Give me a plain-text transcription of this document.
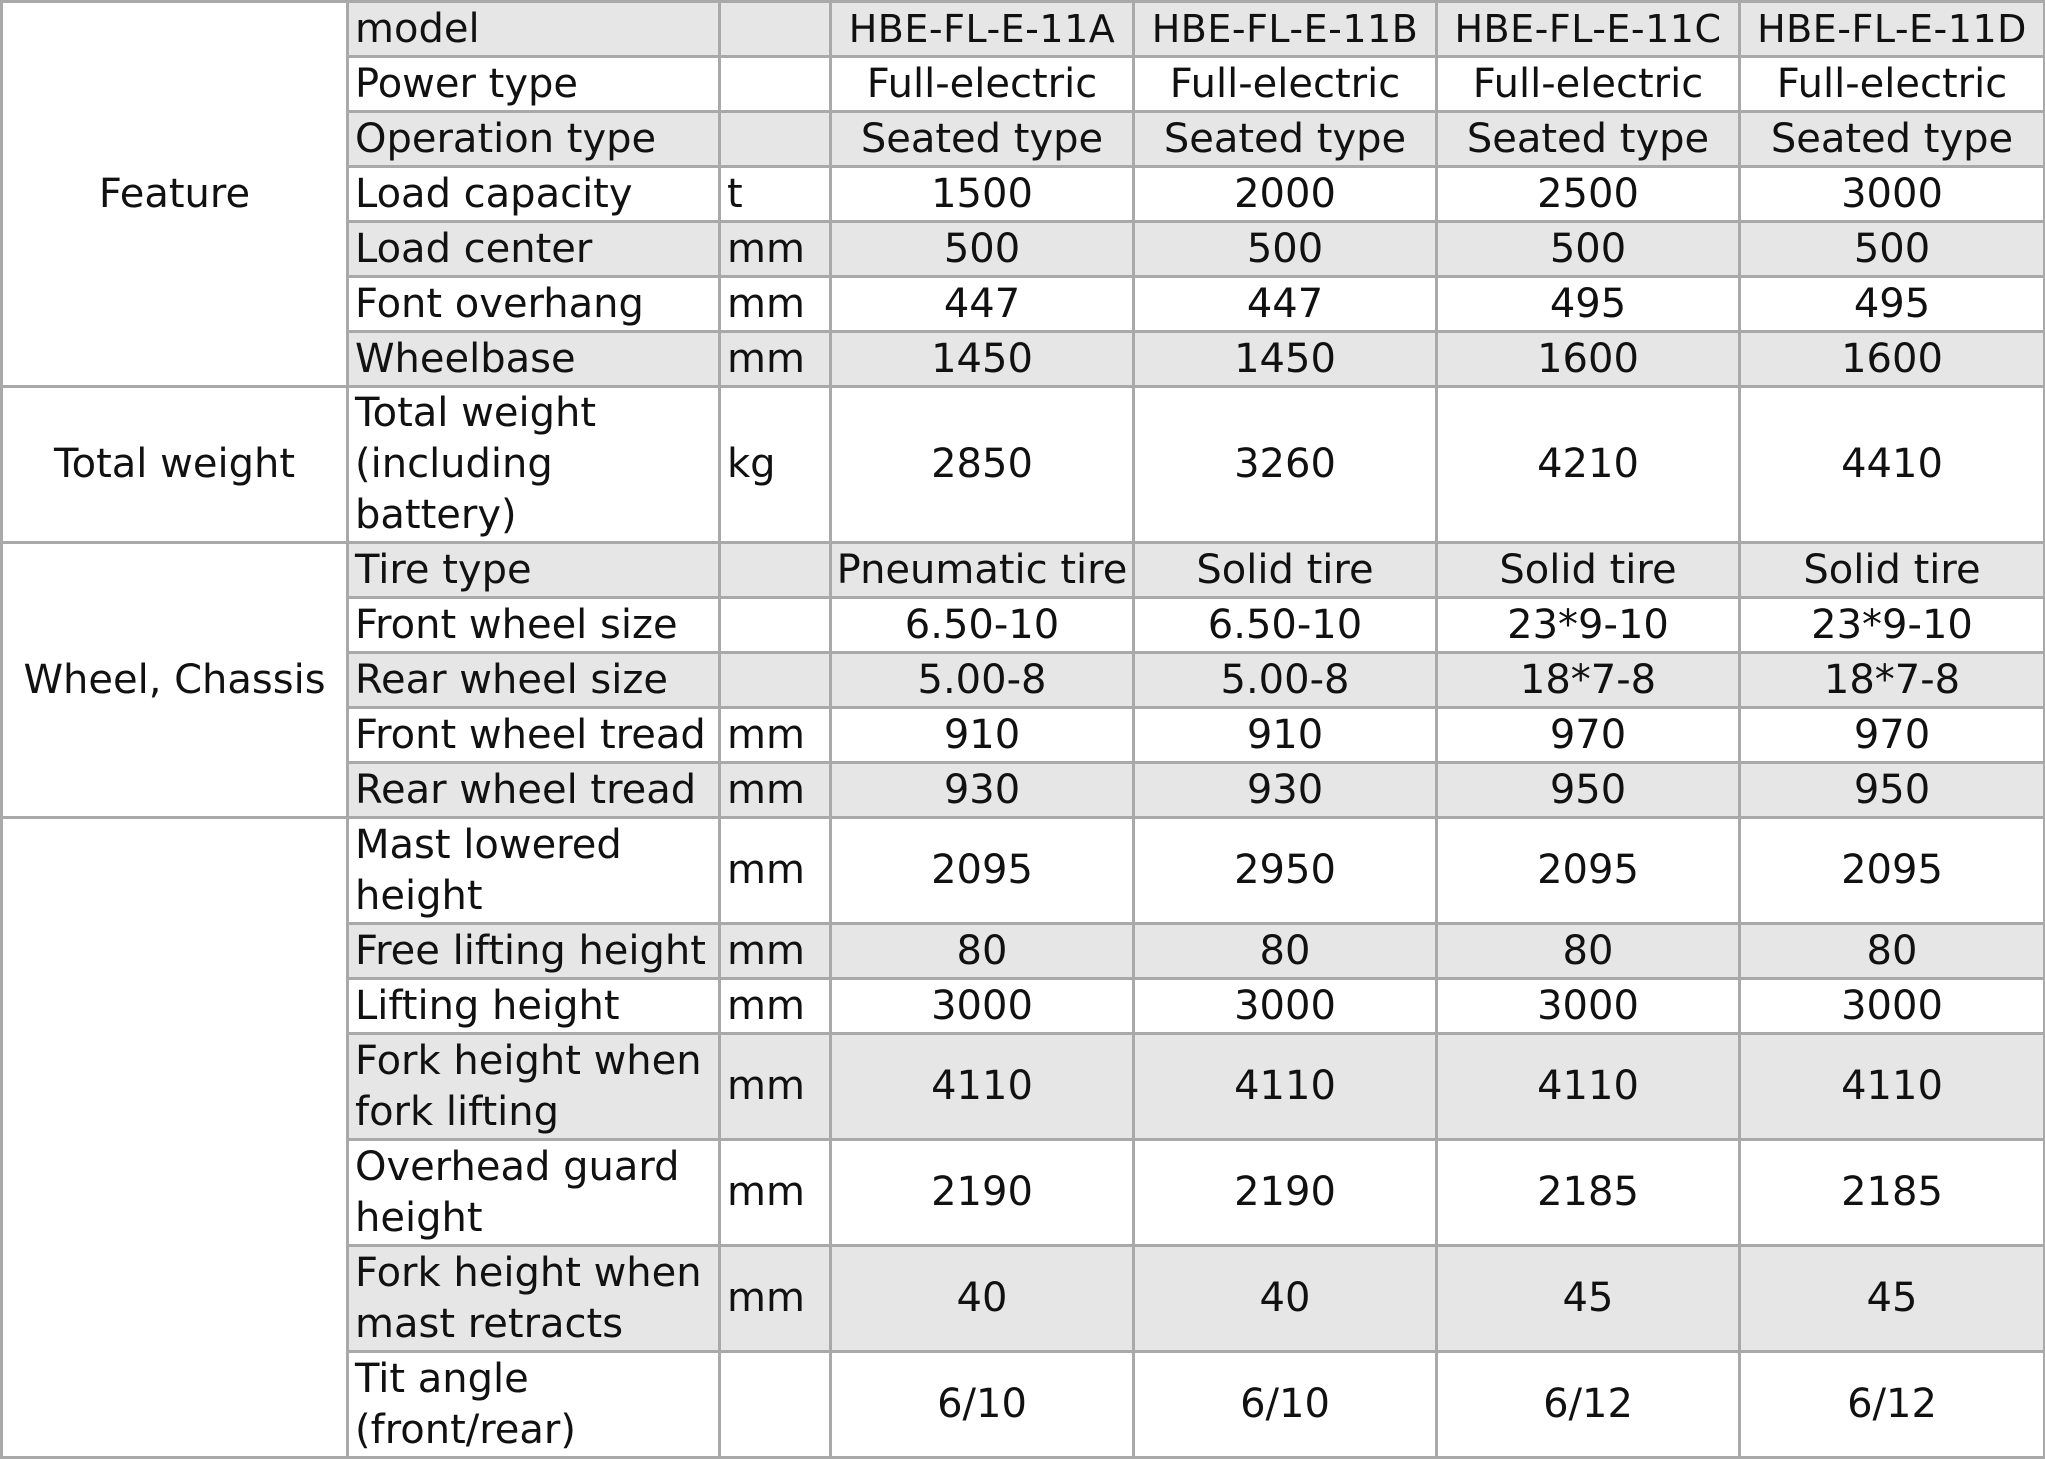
Feature	model		HBE-FL-E-11A	HBE-FL-E-11B	HBE-FL-E-11C	HBE-FL-E-11D
	Power type		Full-electric	Full-electric	Full-electric	Full-electric
	Operation type		Seated type	Seated type	Seated type	Seated type
	Load capacity	t	1500	2000	2500	3000
	Load center	mm	500	500	500	500
	Font overhang	mm	447	447	495	495
	Wheelbase	mm	1450	1450	1600	1600
Total weight	Total weight (including battery)	kg	2850	3260	4210	4410
Wheel, Chassis	Tire type		Pneumatic tire	Solid tire	Solid tire	Solid tire
	Front wheel size		6.50-10	6.50-10	23*9-10	23*9-10
	Rear wheel size		5.00-8	5.00-8	18*7-8	18*7-8
	Front wheel tread	mm	910	910	970	970
	Rear wheel tread	mm	930	930	950	950
	Mast lowered height	mm	2095	2950	2095	2095
	Free lifting height	mm	80	80	80	80
	Lifting height	mm	3000	3000	3000	3000
	Fork height when fork lifting	mm	4110	4110	4110	4110
	Overhead guard height	mm	2190	2190	2185	2185
	Fork height when mast retracts	mm	40	40	45	45
	Tit angle (front/rear)		6/10	6/10	6/12	6/12
